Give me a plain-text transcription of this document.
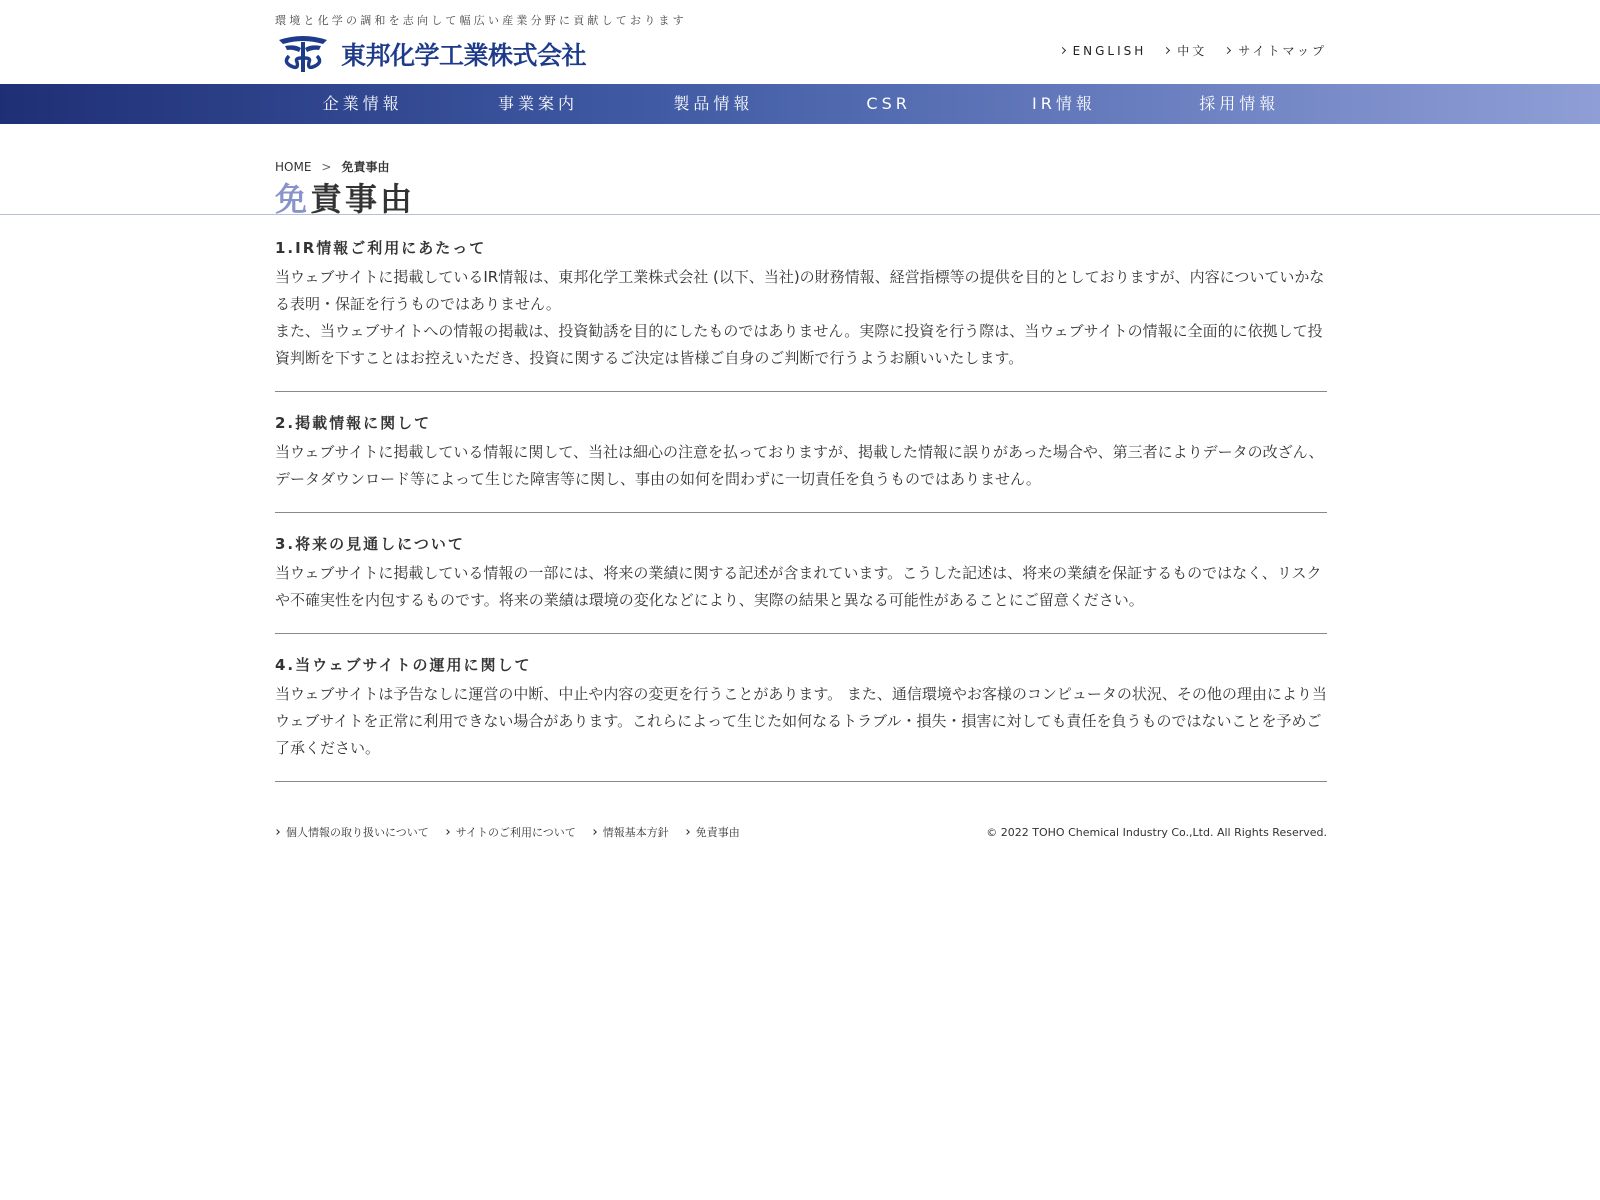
環境と化学の調和を志向して幅広い産業分野に貢献しております
東邦化学工業株式会社	ENGLISH	中文	サイトマップ
企業情報	事業案内	製品情報	CSR	IR情報	採用情報
HOME > 免責事由
免責事由
1.IR情報ご利用にあたって

当ウェブサイトに掲載しているIR情報は、東邦化学工業株式会社 (以下、当社)の財務情報、経営指標等の提供を目的としておりますが、内容についていかなる表明・保証を行うものではありません。

また、当ウェブサイトへの情報の掲載は、投資勧誘を目的にしたものではありません。実際に投資を行う際は、当ウェブサイトの情報に全面的に依拠して投資判断を下すことはお控えいただき、投資に関するご決定は皆様ご自身のご判断で行うようお願いいたします。

2.掲載情報に関して

当ウェブサイトに掲載している情報に関して、当社は細心の注意を払っておりますが、掲載した情報に誤りがあった場合や、第三者によりデータの改ざん、データダウンロード等によって生じた障害等に関し、事由の如何を問わずに一切責任を負うものではありません。

3.将来の見通しについて

当ウェブサイトに掲載している情報の一部には、将来の業績に関する記述が含まれています。こうした記述は、将来の業績を保証するものではなく、リスクや不確実性を内包するものです。将来の業績は環境の変化などにより、実際の結果と異なる可能性があることにご留意ください。

4.当ウェブサイトの運用に関して

当ウェブサイトは予告なしに運営の中断、中止や内容の変更を行うことがあります。 また、通信環境やお客様のコンピュータの状況、その他の理由により当ウェブサイトを正常に利用できない場合があります。これらによって生じた如何なるトラブル・損失・損害に対しても責任を負うものではないことを予めご了承ください。

個人情報の取り扱いについて サイトのご利用について 情報基本方針 免責事由	© 2022 TOHO Chemical Industry Co.,Ltd. All Rights Reserved.
